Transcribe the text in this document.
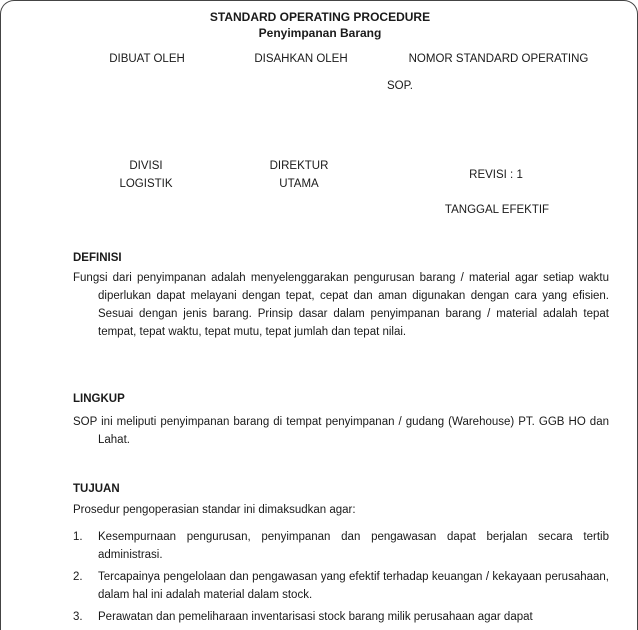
STANDARD OPERATING PROCEDURE
Penyimpanan Barang
DIBUAT OLEH	DISAHKAN OLEH	NOMOR STANDARD OPERATING
SOP.
DIVISI
LOGISTIK
DIREKTUR
UTAMA
REVISI : 1
TANGGAL EFEKTIF
DEFINISI
Fungsi dari penyimpanan adalah menyelenggarakan pengurusan barang / material agar setiap waktu diperlukan dapat melayani dengan tepat, cepat dan aman digunakan dengan cara yang efisien. Sesuai dengan jenis barang. Prinsip dasar dalam penyimpanan barang / material adalah tepat tempat, tepat waktu, tepat mutu, tepat jumlah dan tepat nilai.
LINGKUP
SOP ini meliputi penyimpanan barang di tempat penyimpanan / gudang (Warehouse) PT. GGB HO dan Lahat.
TUJUAN
Prosedur pengoperasian standar ini dimaksudkan agar:
1. Kesempurnaan pengurusan, penyimpanan dan pengawasan dapat berjalan secara tertib administrasi.
2. Tercapainya pengelolaan dan pengawasan yang efektif terhadap keuangan / kekayaan perusahaan, dalam hal ini adalah material dalam stock.
3. Perawatan dan pemeliharaan inventarisasi stock barang milik perusahaan agar dapat
